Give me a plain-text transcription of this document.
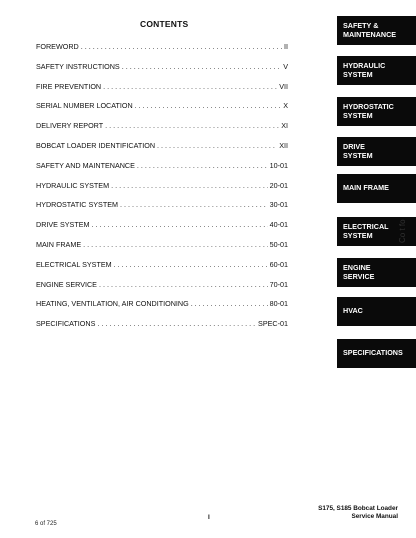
CONTENTS
FOREWORD . . .	II
SAFETY INSTRUCTIONS . . .	V
FIRE PREVENTION . . .	VII
SERIAL NUMBER LOCATION . . .	X
DELIVERY REPORT . . .	XI
BOBCAT LOADER IDENTIFICATION . . .	XII
SAFETY AND MAINTENANCE . . .	10-01
HYDRAULIC SYSTEM . . .	20-01
HYDROSTATIC SYSTEM . . .	30-01
DRIVE SYSTEM . . .	40-01
MAIN FRAME . . .	50-01
ELECTRICAL SYSTEM . . .	60-01
ENGINE SERVICE . . .	70-01
HEATING, VENTILATION, AIR CONDITIONING . . .	80-01
SPECIFICATIONS . . .	SPEC-01
SAFETY &
MAINTENANCE
HYDRAULIC
SYSTEM
HYDROSTATIC
SYSTEM
DRIVE
SYSTEM
MAIN FRAME
ELECTRICAL
SYSTEM
ENGINE
SERVICE
HVAC
SPECIFICATIONS
Co t fo
S175, S185 Bobcat Loader
Service Manual
I
6 of 725
